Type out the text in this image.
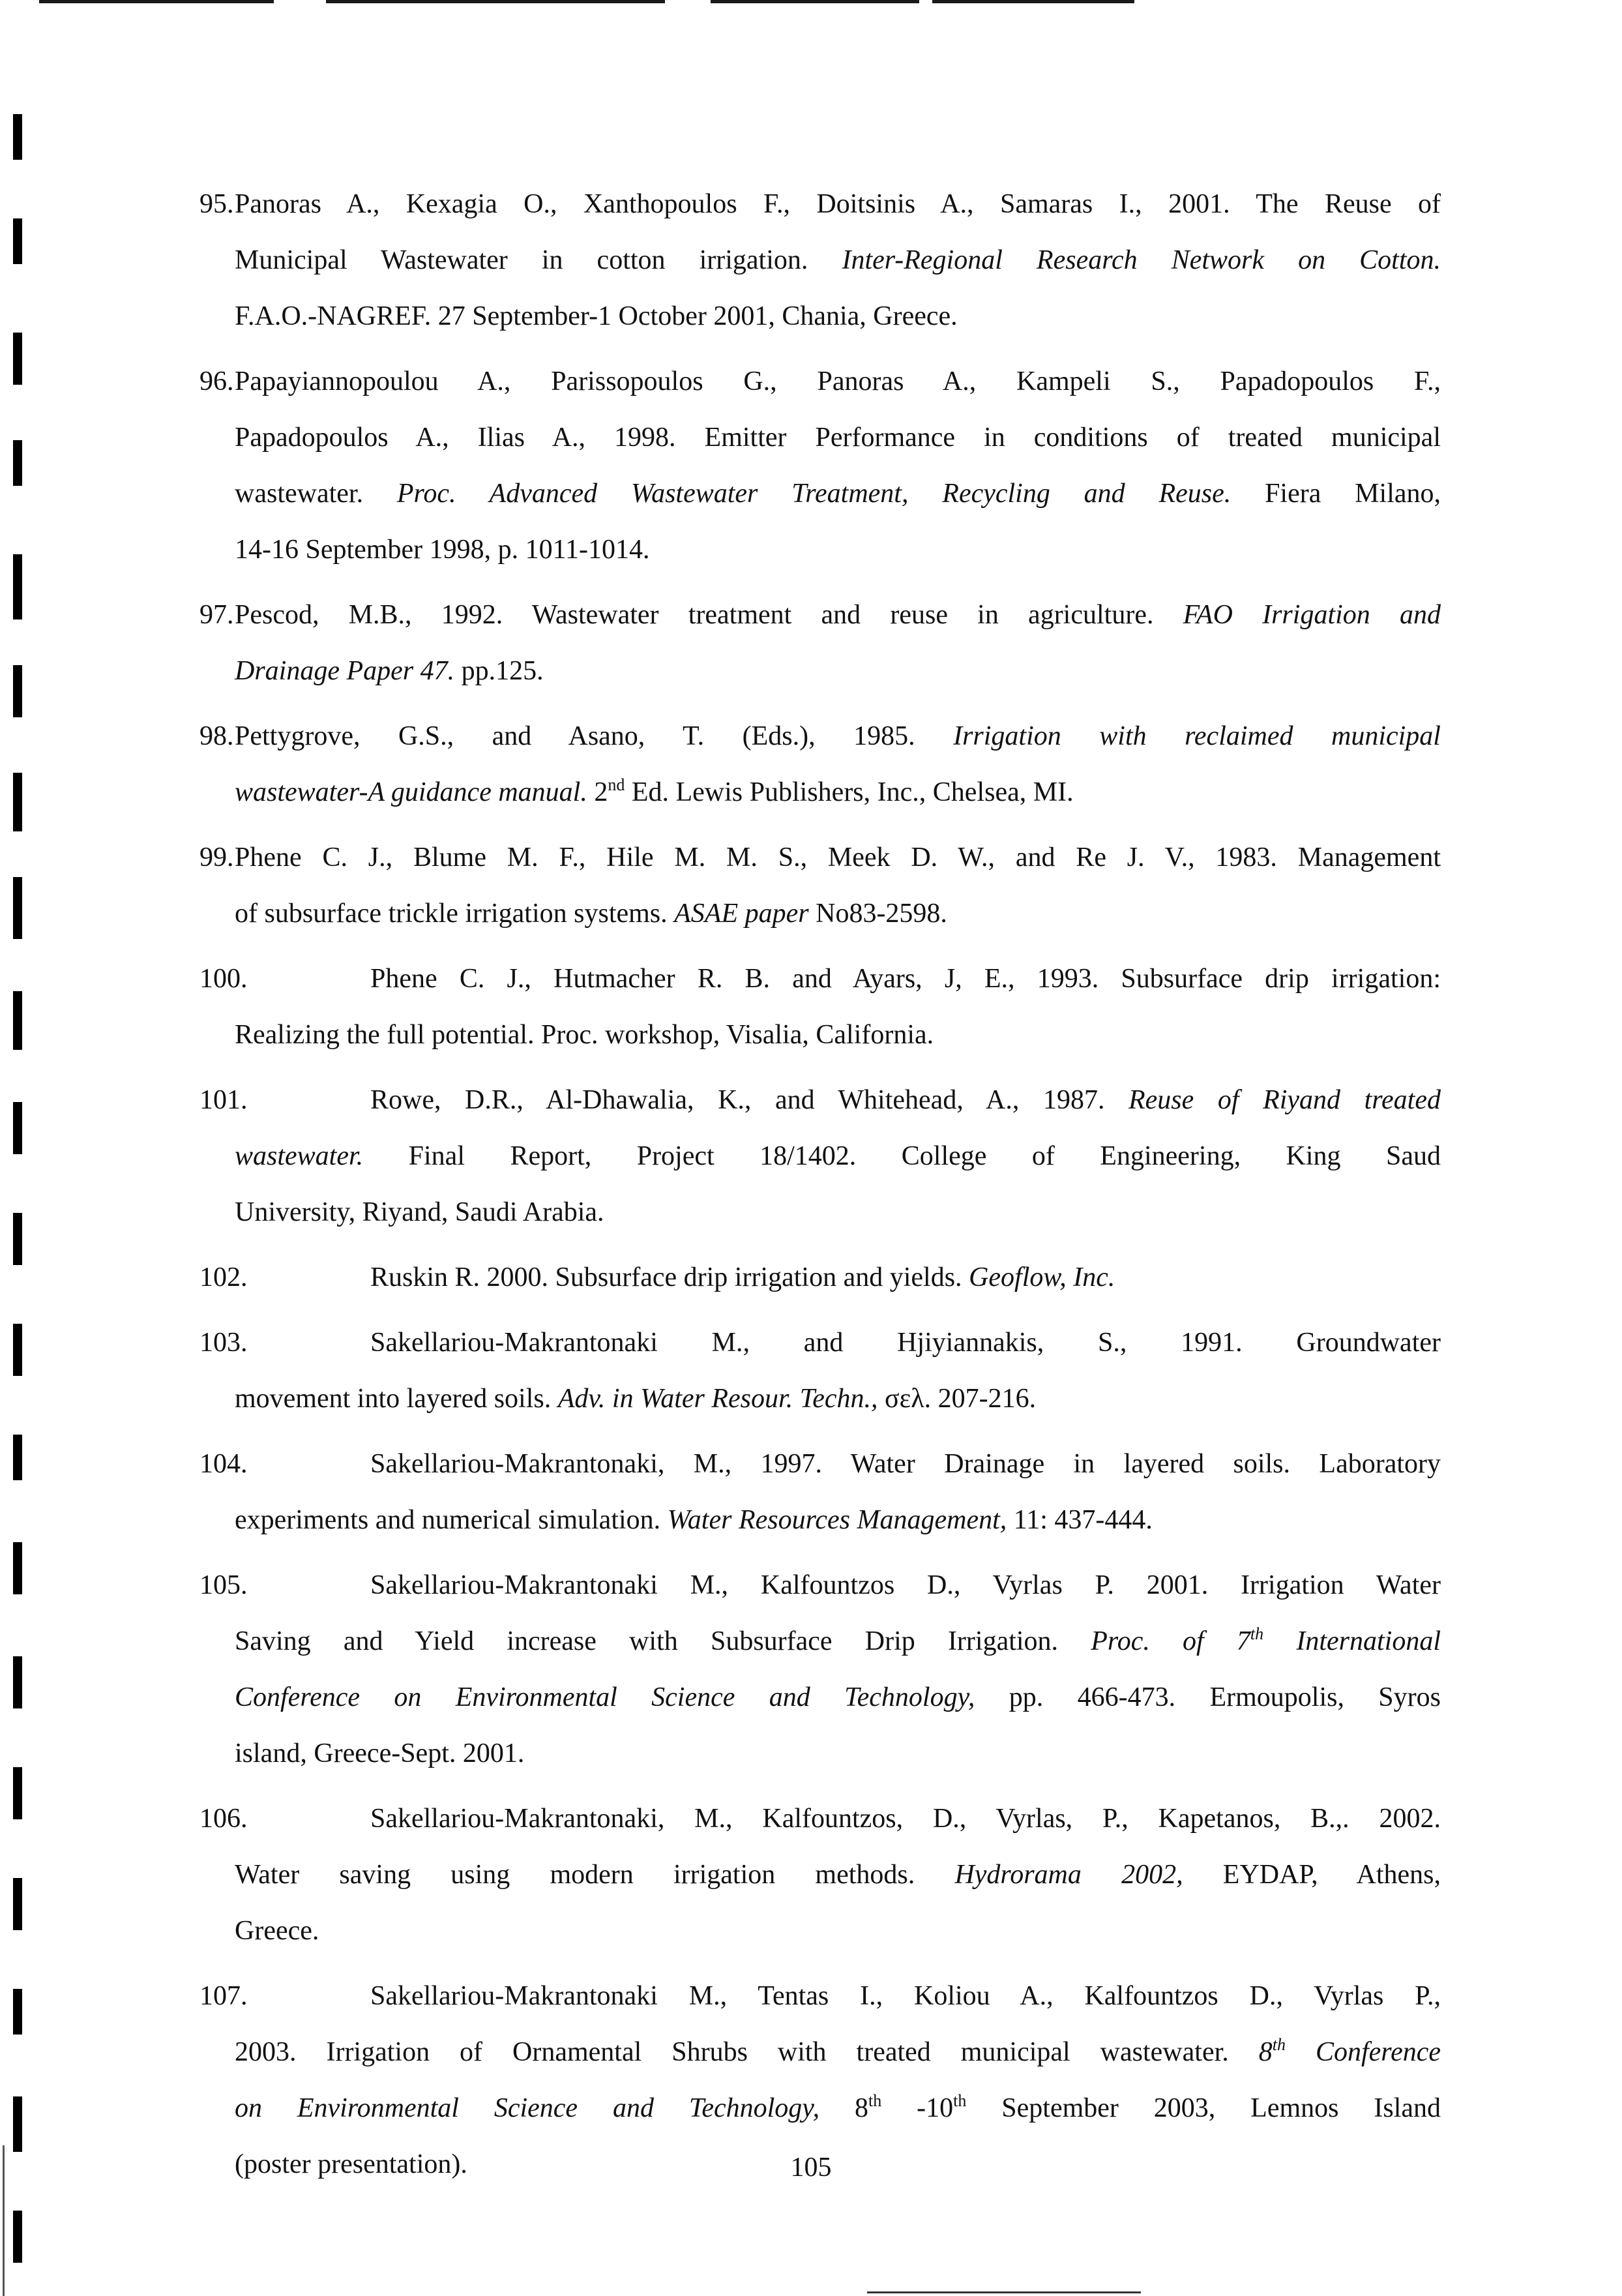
95. Panoras A., Kexagia O., Xanthopoulos F., Doitsinis A., Samaras I., 2001. The Reuse of
Municipal Wastewater in cotton irrigation. Inter-Regional Research Network on Cotton.
F.A.O.-NAGREF. 27 September-1 October 2001, Chania, Greece.
96. Papayiannopoulou A., Parissopoulos G., Panoras A., Kampeli S., Papadopoulos F.,
Papadopoulos A., Ilias A., 1998. Emitter Performance in conditions of treated municipal
wastewater. Proc. Advanced Wastewater Treatment, Recycling and Reuse. Fiera Milano,
14-16 September 1998, p. 1011-1014.
97. Pescod, M.B., 1992. Wastewater treatment and reuse in agriculture. FAO Irrigation and
Drainage Paper 47. pp.125.
98. Pettygrove, G.S., and Asano, T. (Eds.), 1985. Irrigation with reclaimed municipal
wastewater-A guidance manual. 2nd Ed. Lewis Publishers, Inc., Chelsea, MI.
99. Phene C. J., Blume M. F., Hile M. M. S., Meek D. W., and Re J. V., 1983. Management
of subsurface trickle irrigation systems. ASAE paper No83-2598.
100.	Phene C. J., Hutmacher R. B. and Ayars, J, E., 1993. Subsurface drip irrigation:
Realizing the full potential. Proc. workshop, Visalia, California.
101.	Rowe, D.R., Al-Dhawalia, K., and Whitehead, A., 1987. Reuse of Riyand treated
wastewater. Final Report, Project 18/1402. College of Engineering, King Saud
University, Riyand, Saudi Arabia.
102.	Ruskin R. 2000. Subsurface drip irrigation and yields. Geoflow, Inc.
103.	Sakellariou-Makrantonaki M., and Hjiyiannakis, S., 1991. Groundwater
movement into layered soils. Adv. in Water Resour. Techn., σελ. 207-216.
104.	Sakellariou-Makrantonaki, M., 1997. Water Drainage in layered soils. Laboratory
experiments and numerical simulation. Water Resources Management, 11: 437-444.
105.	Sakellariou-Makrantonaki M., Kalfountzos D., Vyrlas P. 2001. Irrigation Water
Saving and Yield increase with Subsurface Drip Irrigation. Proc. of 7th International
Conference on Environmental Science and Technology, pp. 466-473. Ermoupolis, Syros
island, Greece-Sept. 2001.
106.	Sakellariou-Makrantonaki, M., Kalfountzos, D., Vyrlas, P., Kapetanos, B.,. 2002.
Water saving using modern irrigation methods. Hydrorama 2002, EYDAP, Athens,
Greece.
107.	Sakellariou-Makrantonaki M., Tentas I., Koliou A., Kalfountzos D., Vyrlas P.,
2003. Irrigation of Ornamental Shrubs with treated municipal wastewater. 8th Conference
on Environmental Science and Technology, 8th -10th September 2003, Lemnos Island
(poster presentation).	105
